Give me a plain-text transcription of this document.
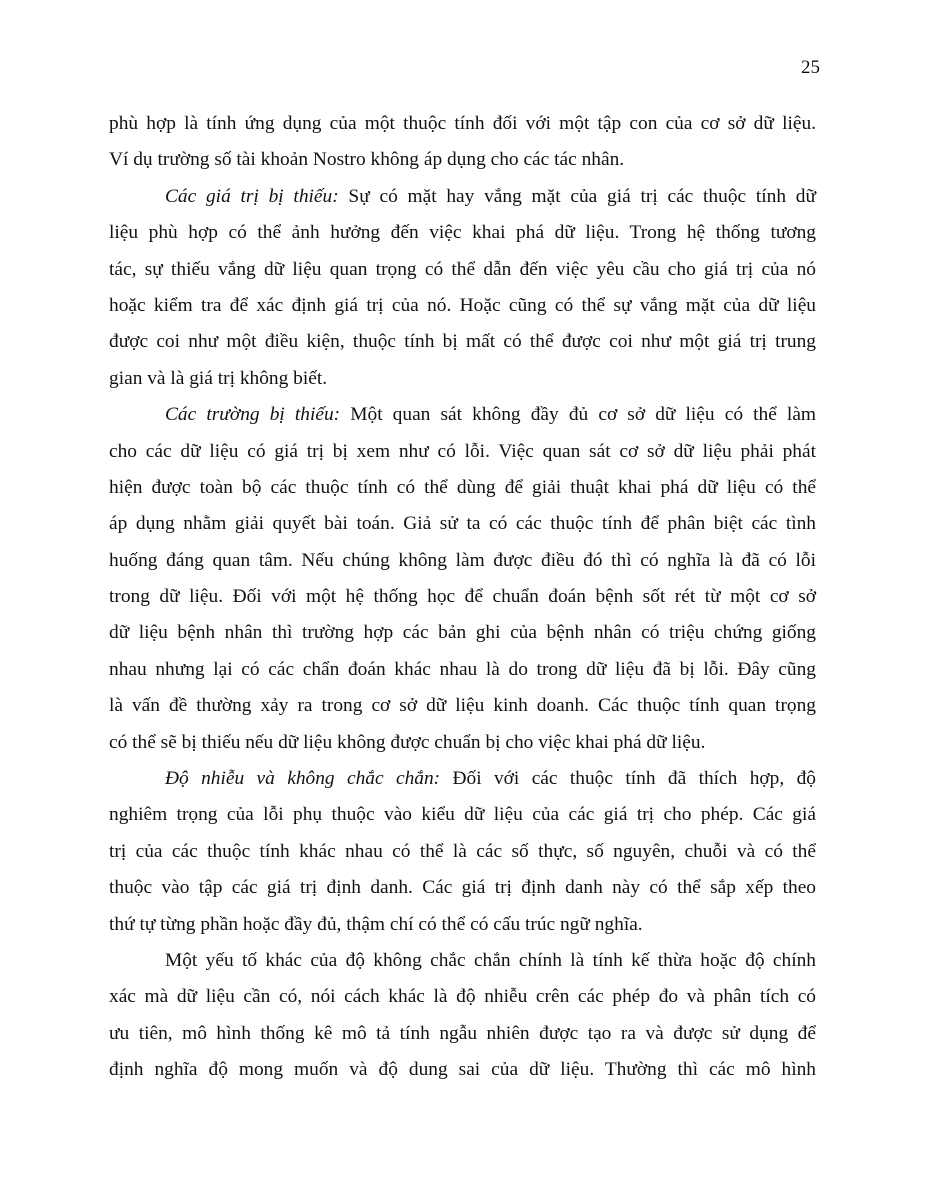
25
phù hợp là tính ứng dụng của một thuộc tính đối với một tập con của cơ sở dữ liệu.
Ví dụ trường số tài khoản Nostro không áp dụng cho các tác nhân.
Các giá trị bị thiếu: Sự có mặt hay vắng mặt của giá trị các thuộc tính dữ
liệu phù hợp có thể ảnh hưởng đến việc khai phá dữ liệu. Trong hệ thống tương
tác, sự thiếu vắng dữ liệu quan trọng có thể dẫn đến việc yêu cầu cho giá trị của nó
hoặc kiểm tra để xác định giá trị của nó. Hoặc cũng có thể sự vắng mặt của dữ liệu
được coi như một điều kiện, thuộc tính bị mất có thể được coi như một giá trị trung
gian và là giá trị không biết.
Các trường bị thiếu: Một quan sát không đầy đủ cơ sở dữ liệu có thể làm
cho các dữ liệu có giá trị bị xem như có lỗi. Việc quan sát cơ sở dữ liệu phải phát
hiện được toàn bộ các thuộc tính có thể dùng để giải thuật khai phá dữ liệu có thể
áp dụng nhằm giải quyết bài toán. Giả sử ta có các thuộc tính để phân biệt các tình
huống đáng quan tâm. Nếu chúng không làm được điều đó thì có nghĩa là đã có lỗi
trong dữ liệu. Đối với một hệ thống học để chuẩn đoán bệnh sốt rét từ một cơ sở
dữ liệu bệnh nhân thì trường hợp các bản ghi của bệnh nhân có triệu chứng giống
nhau nhưng lại có các chẩn đoán khác nhau là do trong dữ liệu đã bị lỗi. Đây cũng
là vấn đề thường xảy ra trong cơ sở dữ liệu kinh doanh. Các thuộc tính quan trọng
có thể sẽ bị thiếu nếu dữ liệu không được chuẩn bị cho việc khai phá dữ liệu.
Độ nhiễu và không chắc chắn: Đối với các thuộc tính đã thích hợp, độ
nghiêm trọng của lỗi phụ thuộc vào kiểu dữ liệu của các giá trị cho phép. Các giá
trị của các thuộc tính khác nhau có thể là các số thực, số nguyên, chuỗi và có thể
thuộc vào tập các giá trị định danh. Các giá trị định danh này có thể sắp xếp theo
thứ tự từng phần hoặc đầy đủ, thậm chí có thể có cấu trúc ngữ nghĩa.
Một yếu tố khác của độ không chắc chắn chính là tính kế thừa hoặc độ chính
xác mà dữ liệu cần có, nói cách khác là độ nhiễu crên các phép đo và phân tích có
ưu tiên, mô hình thống kê mô tả tính ngẫu nhiên được tạo ra và được sử dụng để
định nghĩa độ mong muốn và độ dung sai của dữ liệu. Thường thì các mô hình
